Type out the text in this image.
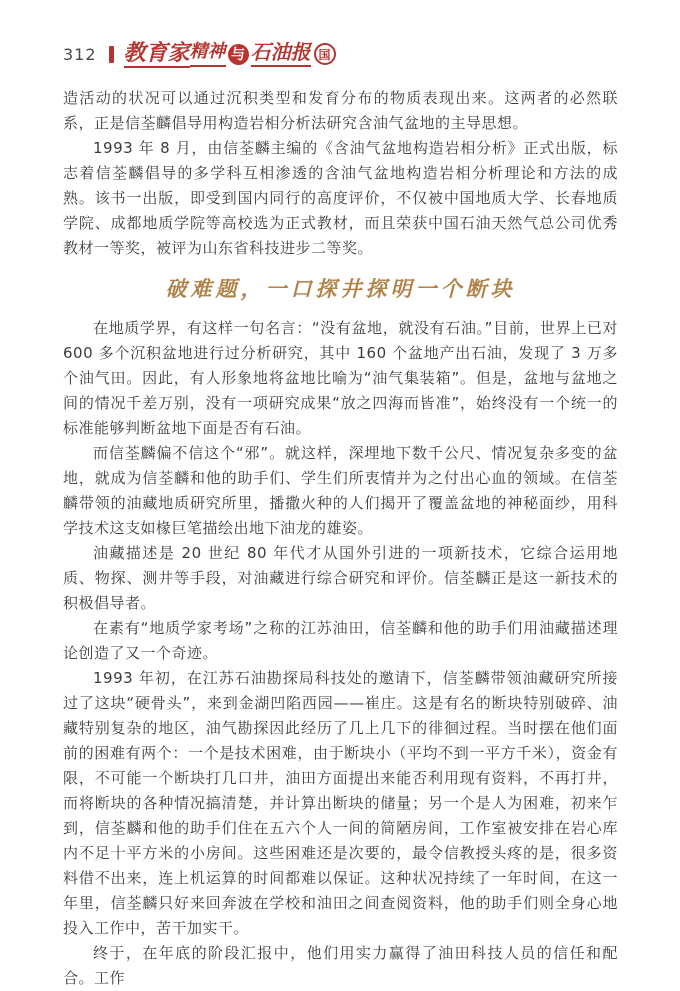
312 教育家 精神 与 石油报 国

造活动的状况可以通过沉积类型和发育分布的物质表现出来。这两者的必然联系，正是信荃麟倡导用构造岩相分析法研究含油气盆地的主导思想。

1993 年 8 月，由信荃麟主编的《含油气盆地构造岩相分析》正式出版，标志着信荃麟倡导的多学科互相渗透的含油气盆地构造岩相分析理论和方法的成熟。该书一出版，即受到国内同行的高度评价，不仅被中国地质大学、长春地质学院、成都地质学院等高校选为正式教材，而且荣获中国石油天然气总公司优秀教材一等奖，被评为山东省科技进步二等奖。

破难题，一口探井探明一个断块

在地质学界，有这样一句名言：“没有盆地，就没有石油。”目前，世界上已对 600 多个沉积盆地进行过分析研究，其中 160 个盆地产出石油，发现了 3 万多个油气田。因此，有人形象地将盆地比喻为“油气集装箱”。但是，盆地与盆地之间的情况千差万别，没有一项研究成果“放之四海而皆准”，始终没有一个统一的标准能够判断盆地下面是否有石油。

而信荃麟偏不信这个“邪”。就这样，深埋地下数千公尺、情况复杂多变的盆地，就成为信荃麟和他的助手们、学生们所衷情并为之付出心血的领域。在信荃麟带领的油藏地质研究所里，播撒火种的人们揭开了覆盖盆地的神秘面纱，用科学技术这支如椽巨笔描绘出地下油龙的雄姿。

油藏描述是 20 世纪 80 年代才从国外引进的一项新技术，它综合运用地质、物探、测井等手段，对油藏进行综合研究和评价。信荃麟正是这一新技术的积极倡导者。

在素有“地质学家考场”之称的江苏油田，信荃麟和他的助手们用油藏描述理论创造了又一个奇迹。

1993 年初，在江苏石油勘探局科技处的邀请下，信荃麟带领油藏研究所接过了这块“硬骨头”，来到金湖凹陷西园——崔庄。这是有名的断块特别破碎、油藏特别复杂的地区，油气勘探因此经历了几上几下的徘徊过程。当时摆在他们面前的困难有两个：一个是技术困难，由于断块小（平均不到一平方千米），资金有限，不可能一个断块打几口井，油田方面提出来能否利用现有资料，不再打井，而将断块的各种情况搞清楚，并计算出断块的储量；另一个是人为困难，初来乍到，信荃麟和他的助手们住在五六个人一间的简陋房间，工作室被安排在岩心库内不足十平方米的小房间。这些困难还是次要的，最令信教授头疼的是，很多资料借不出来，连上机运算的时间都难以保证。这种状况持续了一年时间，在这一年里，信荃麟只好来回奔波在学校和油田之间查阅资料，他的助手们则全身心地投入工作中，苦干加实干。

终于，在年底的阶段汇报中，他们用实力赢得了油田科技人员的信任和配合。工作
